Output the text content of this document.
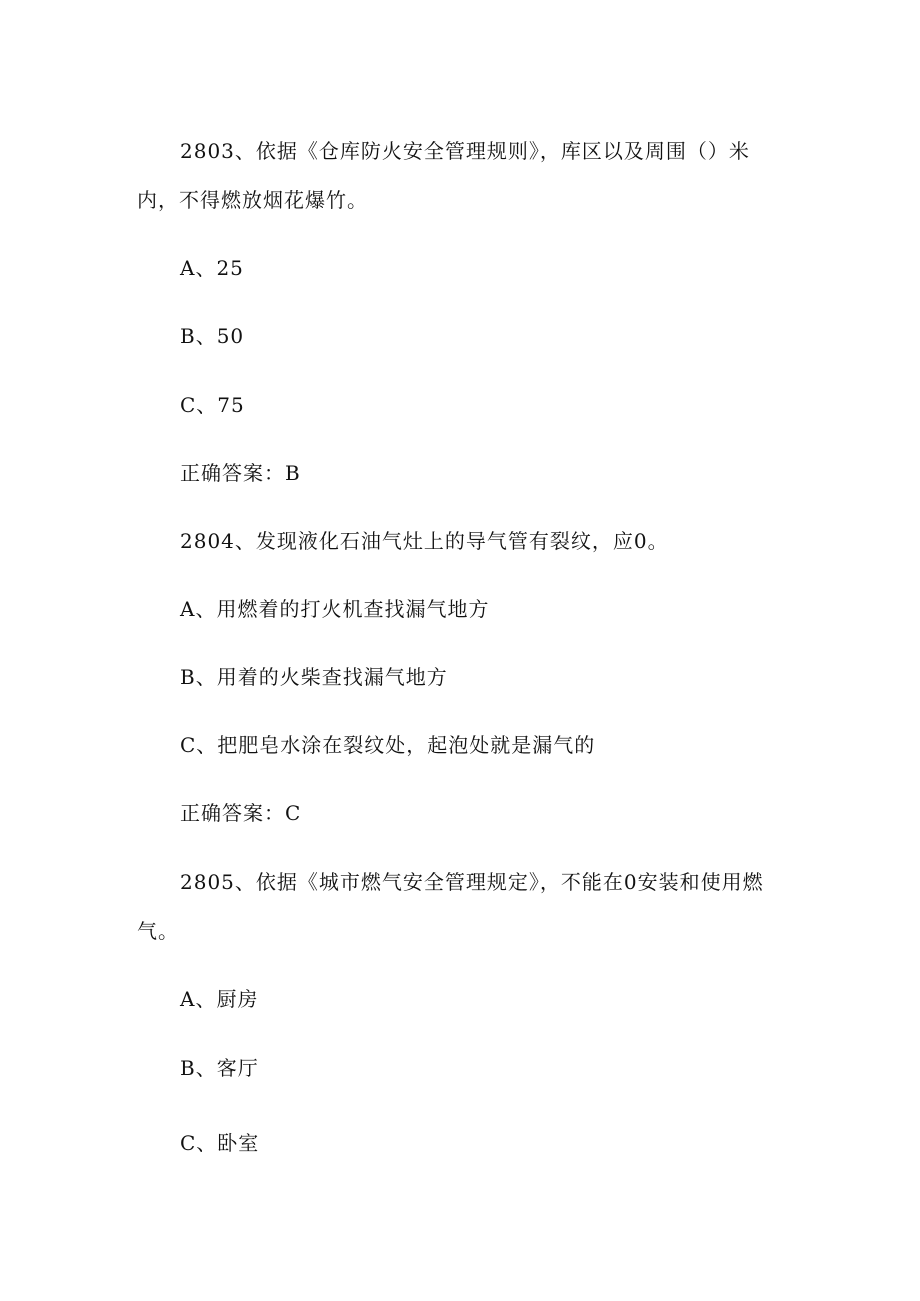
2803、依据《仓库防火安全管理规则》，库区以及周围（）米
内，不得燃放烟花爆竹。
A、25
B、50
C、75
正确答案：B
2804、发现液化石油气灶上的导气管有裂纹，应0。
A、用燃着的打火机查找漏气地方
B、用着的火柴查找漏气地方
C、把肥皂水涂在裂纹处，起泡处就是漏气的
正确答案：C
2805、依据《城市燃气安全管理规定》，不能在0安装和使用燃
气。
A、厨房
B、客厅
C、卧室
